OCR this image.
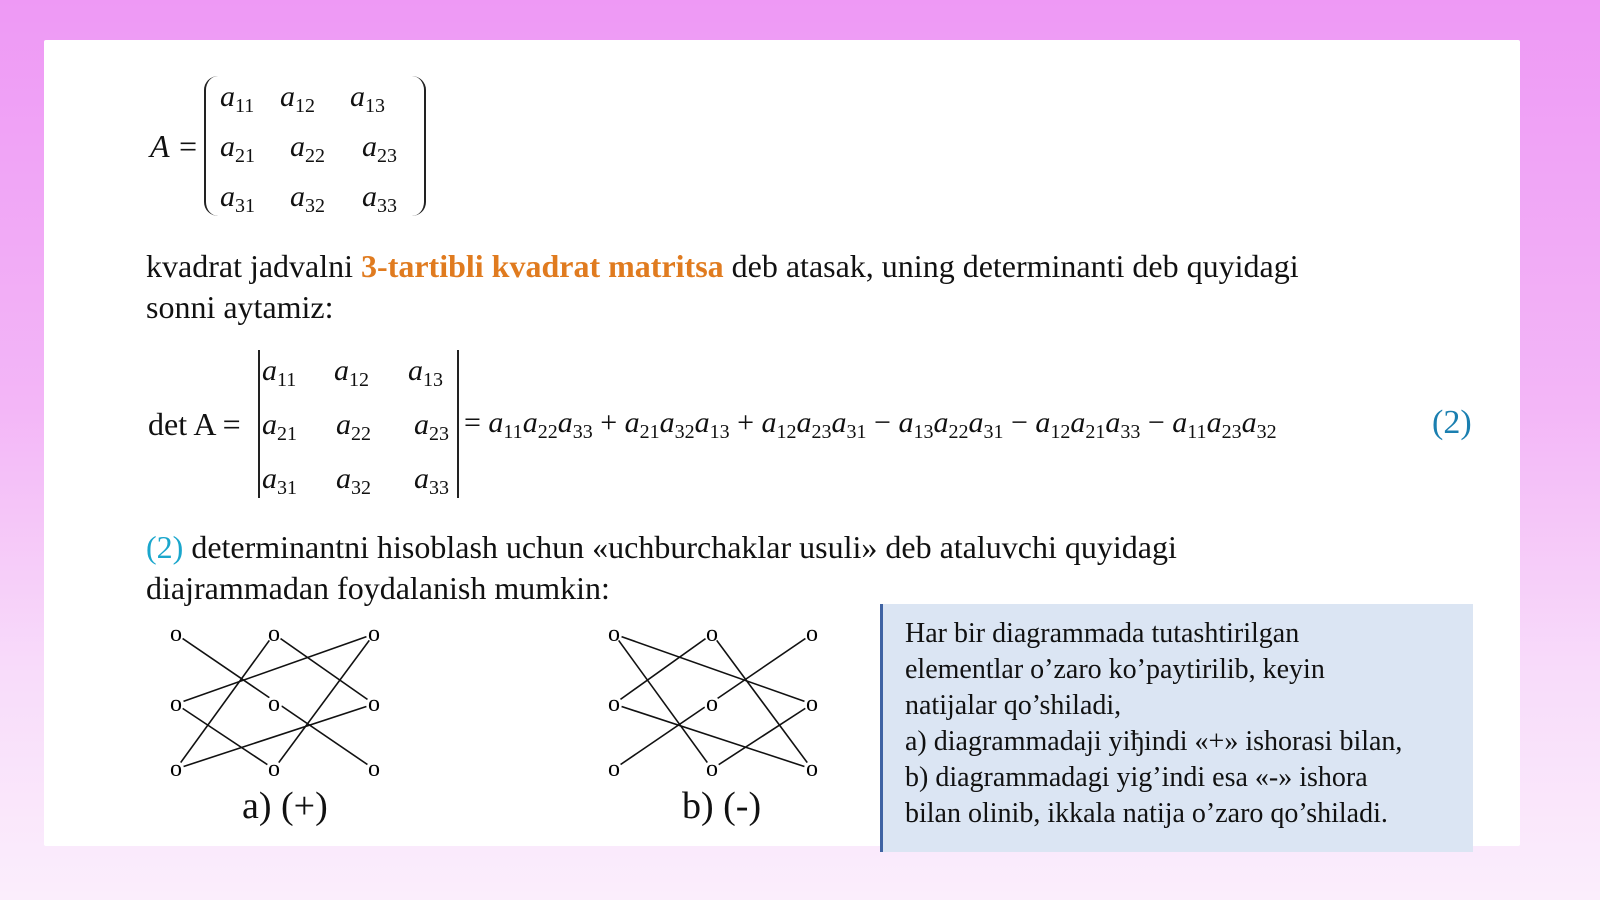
A =
$a_{11}$ $a_{12}$ $a_{13}$
$a_{21}$ $a_{22}$ $a_{23}$
$a_{31}$ $a_{32}$ $a_{33}$
kvadrat jadvalni 3-tartibli kvadrat matritsa deb atasak, uning determinanti deb quyidagi
sonni aytamiz:
det A =
$a_{11}$ $a_{12}$ $a_{13}$
$a_{21}$ $a_{22}$ $a_{23}$
$a_{31}$ $a_{32}$ $a_{33}$
= $a_{11}a_{22}a_{33} + a_{21}a_{32}a_{13} + a_{12}a_{23}a_{31} - a_{13}a_{22}a_{31} - a_{12}a_{21}a_{33} - a_{11}a_{23}a_{32}$	(2)
(2) determinantni hisoblash uchun «uchburchaklar usuli» deb ataluvchi quyidagi
diajrammadan foydalanish mumkin:
o	o	o
o	o	o
o	o	o
a) (+)
o	o	o
o	o	o
o	o	o
b) (-)
Har bir diagrammada tutashtirilgan
elementlar o’zaro ko’paytirilib, keyin
natijalar qo’shiladi,
a) diagrammadaji yiђindi «+» ishorasi bilan,
b) diagrammadagi yig’indi esa «-» ishora
bilan olinib, ikkala natija o’zaro qo’shiladi.
